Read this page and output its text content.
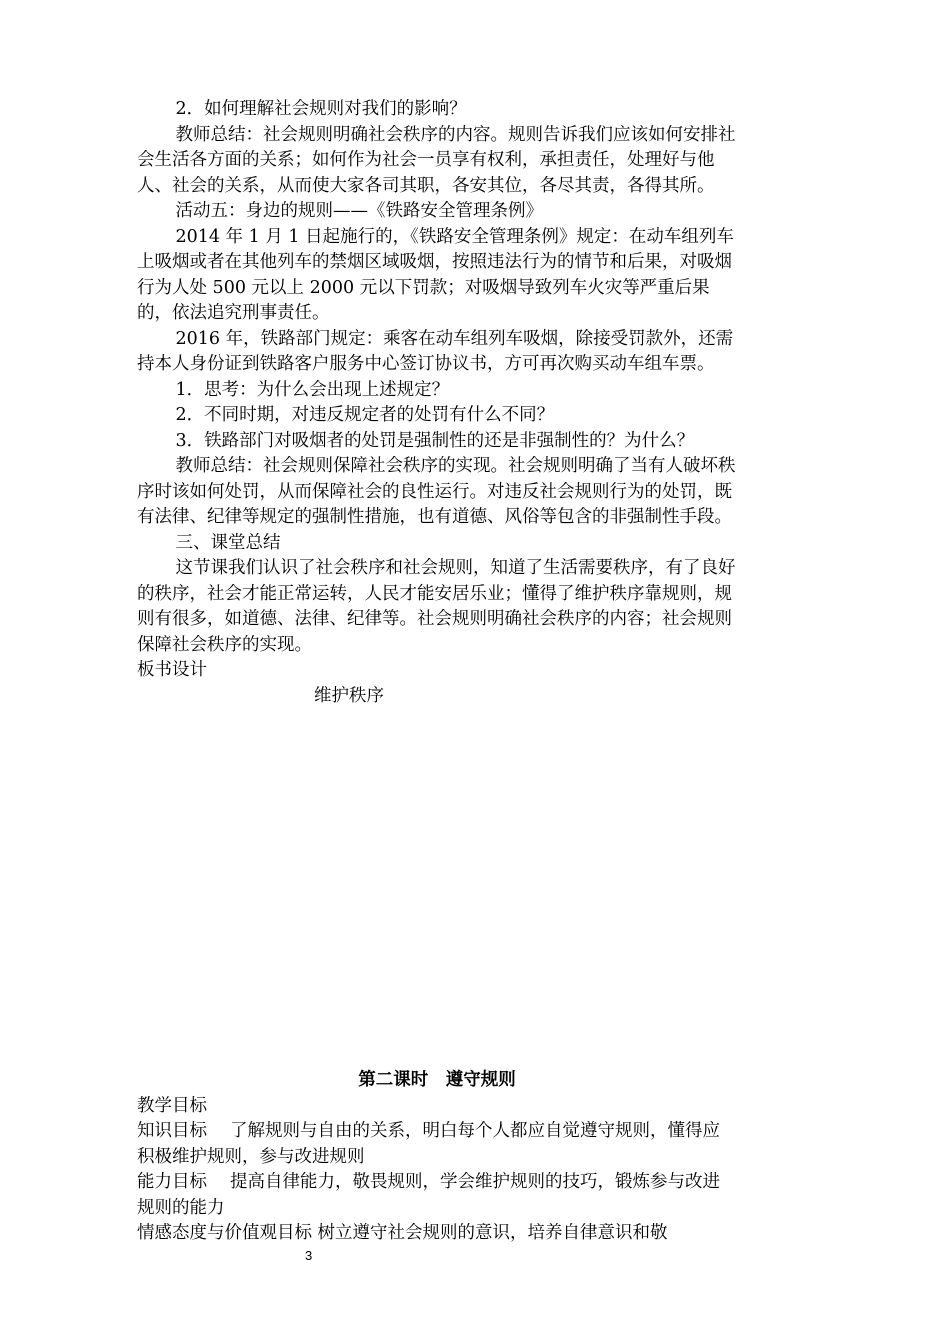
2．如何理解社会规则对我们的影响？

教师总结：社会规则明确社会秩序的内容。规则告诉我们应该如何安排社会生活各方面的关系；如何作为社会一员享有权利，承担责任，处理好与他人、社会的关系，从而使大家各司其职，各安其位，各尽其责，各得其所。

活动五：身边的规则——《铁路安全管理条例》

2014 年 1 月 1 日起施行的，《铁路安全管理条例》规定：在动车组列车上吸烟或者在其他列车的禁烟区域吸烟，按照违法行为的情节和后果，对吸烟行为人处 500 元以上 2000 元以下罚款；对吸烟导致列车火灾等严重后果的，依法追究刑事责任。

2016 年，铁路部门规定：乘客在动车组列车吸烟，除接受罚款外，还需持本人身份证到铁路客户服务中心签订协议书，方可再次购买动车组车票。

1．思考：为什么会出现上述规定？

2．不同时期，对违反规定者的处罚有什么不同？

3．铁路部门对吸烟者的处罚是强制性的还是非强制性的？为什么？

教师总结：社会规则保障社会秩序的实现。社会规则明确了当有人破坏秩序时该如何处罚，从而保障社会的良性运行。对违反社会规则行为的处罚，既有法律、纪律等规定的强制性措施，也有道德、风俗等包含的非强制性手段。

三、课堂总结

这节课我们认识了社会秩序和社会规则，知道了生活需要秩序，有了良好的秩序，社会才能正常运转，人民才能安居乐业；懂得了维护秩序靠规则，规则有很多，如道德、法律、纪律等。社会规则明确社会秩序的内容；社会规则保障社会秩序的实现。

板书设计

维护秩序

第二课时　遵守规则

教学目标

知识目标　 了解规则与自由的关系，明白每个人都应自觉遵守规则，懂得应积极维护规则，参与改进规则

能力目标　 提高自律能力，敬畏规则，学会维护规则的技巧，锻炼参与改进规则的能力

情感态度与价值观目标 树立遵守社会规则的意识，培养自律意识和敬

3
